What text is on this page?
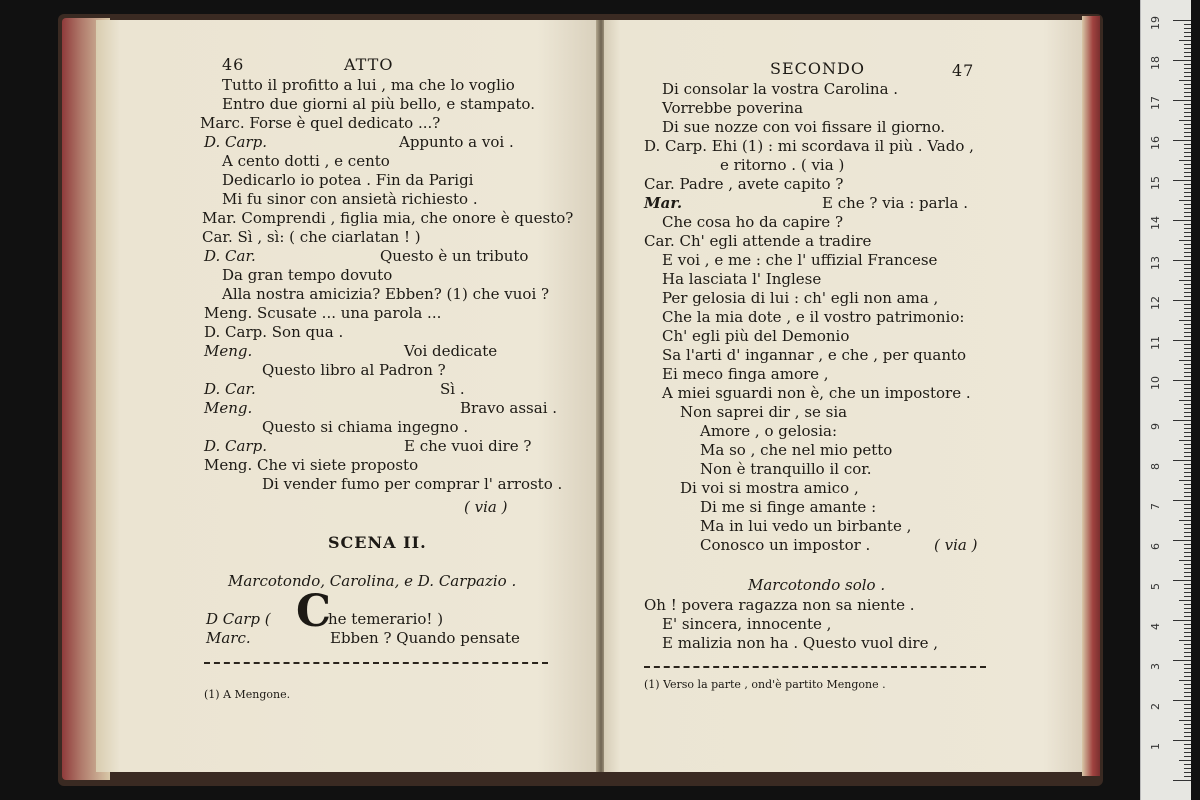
46	ATTO
Tutto il profitto a lui , ma che lo voglio
Entro due giorni al più bello, e stampato.
Marc. Forse è quel dedicato ...?
D. Carp.	Appunto a voi .
A cento dotti , e cento
Dedicarlo io potea . Fin da Parigi
Mi fu sinor con ansietà richiesto .
Mar. Comprendi , figlia mia, che onore è questo?
Car. Sì , sì: ( che ciarlatan ! )
D. Car.	Questo è un tributo
Da gran tempo dovuto
Alla nostra amicizia? Ebben? (1) che vuoi ?
Meng. Scusate ... una parola ...
D. Carp. Son qua .
Meng.	Voi dedicate
Questo libro al Padron ?
D. Car.	Sì .
Meng.	Bravo assai .
Questo si chiama ingegno .
D. Carp.	E che vuoi dire ?
Meng. Che vi siete proposto
Di vender fumo per comprar l' arrosto .
( via )
SCENA II.
Marcotondo, Carolina, e D. Carpazio .
D Carp ( C
he temerario! )
Marc.	Ebben ? Quando pensate
(1) A Mengone.
SECONDO	47
Di consolar la vostra Carolina .
Vorrebbe poverina
Di sue nozze con voi fissare il giorno.
D. Carp. Ehi (1) : mi scordava il più . Vado ,
e ritorno . ( via )
Car. Padre , avete capito ?
Mar.	E che ? via : parla .
Che cosa ho da capire ?
Car. Ch' egli attende a tradire
E voi , e me : che l' uffizial Francese
Ha lasciata l' Inglese
Per gelosia di lui : ch' egli non ama ,
Che la mia dote , e il vostro patrimonio:
Ch' egli più del Demonio
Sa l'arti d' ingannar , e che , per quanto
Ei meco finga amore ,
A miei sguardi non è, che un impostore .
Non saprei dir , se sia
Amore , o gelosia:
Ma so , che nel mio petto
Non è tranquillo il cor.
Di voi si mostra amico ,
Di me si finge amante :
Ma in lui vedo un birbante ,
Conosco un impostor .	( via )
Marcotondo solo .
Oh ! povera ragazza non sa niente .
E' sincera, innocente ,
E malizia non ha . Questo vuol dire ,
(1) Verso la parte , ond'è partito Mengone .
1
2
3
4
5
6
7
8
9
10
11
12
13
14
15
16
17
18
19
